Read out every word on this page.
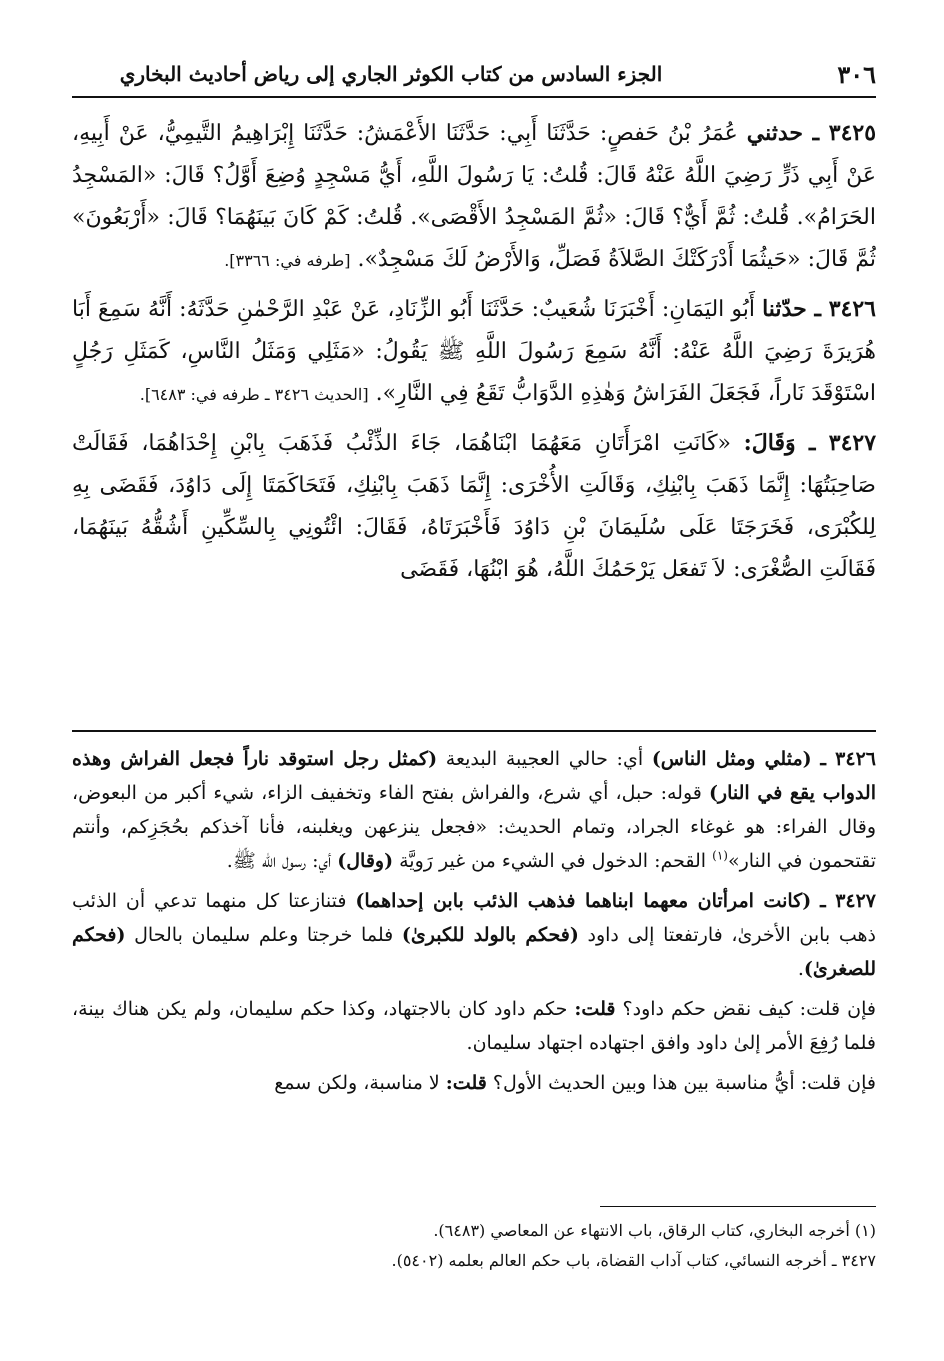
٣٠٦
الجزء السادس من كتاب الكوثر الجاري إلى رياض أحاديث البخاري

٣٤٢٥ ـ حدثني عُمَرُ بْنُ حَفصٍ: حَدَّثَنَا أَبِي: حَدَّثَنَا الأَعْمَشُ: حَدَّثَنَا إِبْرَاهِيمُ التَّيمِيُّ، عَنْ أَبِيهِ، عَنْ أَبِي ذَرٍّ رَضِيَ اللَّهُ عَنْهُ قَالَ: قُلتُ: يَا رَسُولَ اللَّهِ، أَيُّ مَسْجِدٍ وُضِعَ أَوَّلُ؟ قَالَ: «المَسْجِدُ الحَرَامُ». قُلتُ: ثُمَّ أَيٌّ؟ قَالَ: «ثُمَّ المَسْجِدُ الأَقْصَى». قُلتُ: كَمْ كَانَ بَينَهُمَا؟ قَالَ: «أَرْبَعُونَ» ثُمَّ قَالَ: «حَيثُمَا أَدْرَكَتْكَ الصَّلاَةُ فَصَلِّ، وَالأَرْضُ لَكَ مَسْجِدٌ». [طرفه في: ٣٣٦٦].

٣٤٢٦ ـ حدّثنا أَبُو اليَمَانِ: أَخْبَرَنَا شُعَيبٌ: حَدَّثَنَا أَبُو الزِّنَادِ، عَنْ عَبْدِ الرَّحْمٰنِ حَدَّثَهُ: أَنَّهُ سَمِعَ أَبَا هُرَيرَةَ رَضِيَ اللَّهُ عَنْهُ: أَنَّهُ سَمِعَ رَسُولَ اللَّهِ ﷺ يَقُولُ: «مَثَلِي وَمَثَلُ النَّاسِ، كَمَثَلِ رَجُلٍ اسْتَوْقَدَ نَاراً، فَجَعَلَ الفَرَاشُ وَهٰذِهِ الدَّوَابُّ تَقَعُ فِي النَّارِ». [الحديث ٣٤٢٦ ـ طرفه في: ٦٤٨٣].

٣٤٢٧ ـ وَقَالَ: «كَانَتِ امْرَأَتَانِ مَعَهُمَا ابْنَاهُمَا، جَاءَ الذِّئْبُ فَذَهَبَ بِابْنِ إِحْدَاهُمَا، فَقَالَتْ صَاحِبَتُهَا: إِنَّمَا ذَهَبَ بِابْنِكِ، وَقَالَتِ الأُخْرَى: إِنَّمَا ذَهَبَ بِابْنِكِ، فَتَحَاكَمَتَا إِلَى دَاوُدَ، فَقَضَى بِهِ لِلكُبْرَى، فَخَرَجَتَا عَلَى سُلَيمَانَ بْنِ دَاوُدَ فَأَخْبَرَتَاهُ، فَقَالَ: ائْتُونِي بِالسِّكِّينِ أَشُقُّهُ بَينَهُمَا، فَقَالَتِ الصُّغْرَى: لاَ تَفعَل يَرْحَمُكَ اللَّهُ، هُوَ ابْنُهَا، فَقَضَى

٣٤٢٦ ـ (مثلي ومثل الناس) أي: حالي العجيبة البديعة (كمثل رجل استوقد ناراً فجعل الفراش وهذه الدواب يقع في النار) قوله: حبل، أي شرع، والفراش بفتح الفاء وتخفيف الزاء، شيء أكبر من البعوض، وقال الفراء: هو غوغاء الجراد، وتمام الحديث: «فجعل ينزعهن ويغلبنه، فأنا آخذكم بحُجَزِكم، وأنتم تقتحمون في النار»$^{(١)}$ القحم: الدخول في الشيء من غير رَويَّة (وقال) أي: رسول الله ﷺ.

٣٤٢٧ ـ (كانت امرأتان معهما ابناهما فذهب الذئب بابن إحداهما) فتنازعتا كل منهما تدعي أن الذئب ذهب بابن الأخرىٰ، فارتفعتا إلى داود (فحكم بالولد للكبرىٰ) فلما خرجتا وعلم سليمان بالحال (فحكم للصغرىٰ).

فإن قلت: كيف نقض حكم داود؟ قلت: حكم داود كان بالاجتهاد، وكذا حكم سليمان، ولم يكن هناك بينة، فلما رُفِعَ الأمر إلىٰ داود وافق اجتهاده اجتهاد سليمان.

فإن قلت: أيُّ مناسبة بين هذا وبين الحديث الأول؟ قلت: لا مناسبة، ولكن سمع

(١) أخرجه البخاري، كتاب الرقاق، باب الانتهاء عن المعاصي (٦٤٨٣).
٣٤٢٧ ـ أخرجه النسائي، كتاب آداب القضاة، باب حكم العالم بعلمه (٥٤٠٢).
